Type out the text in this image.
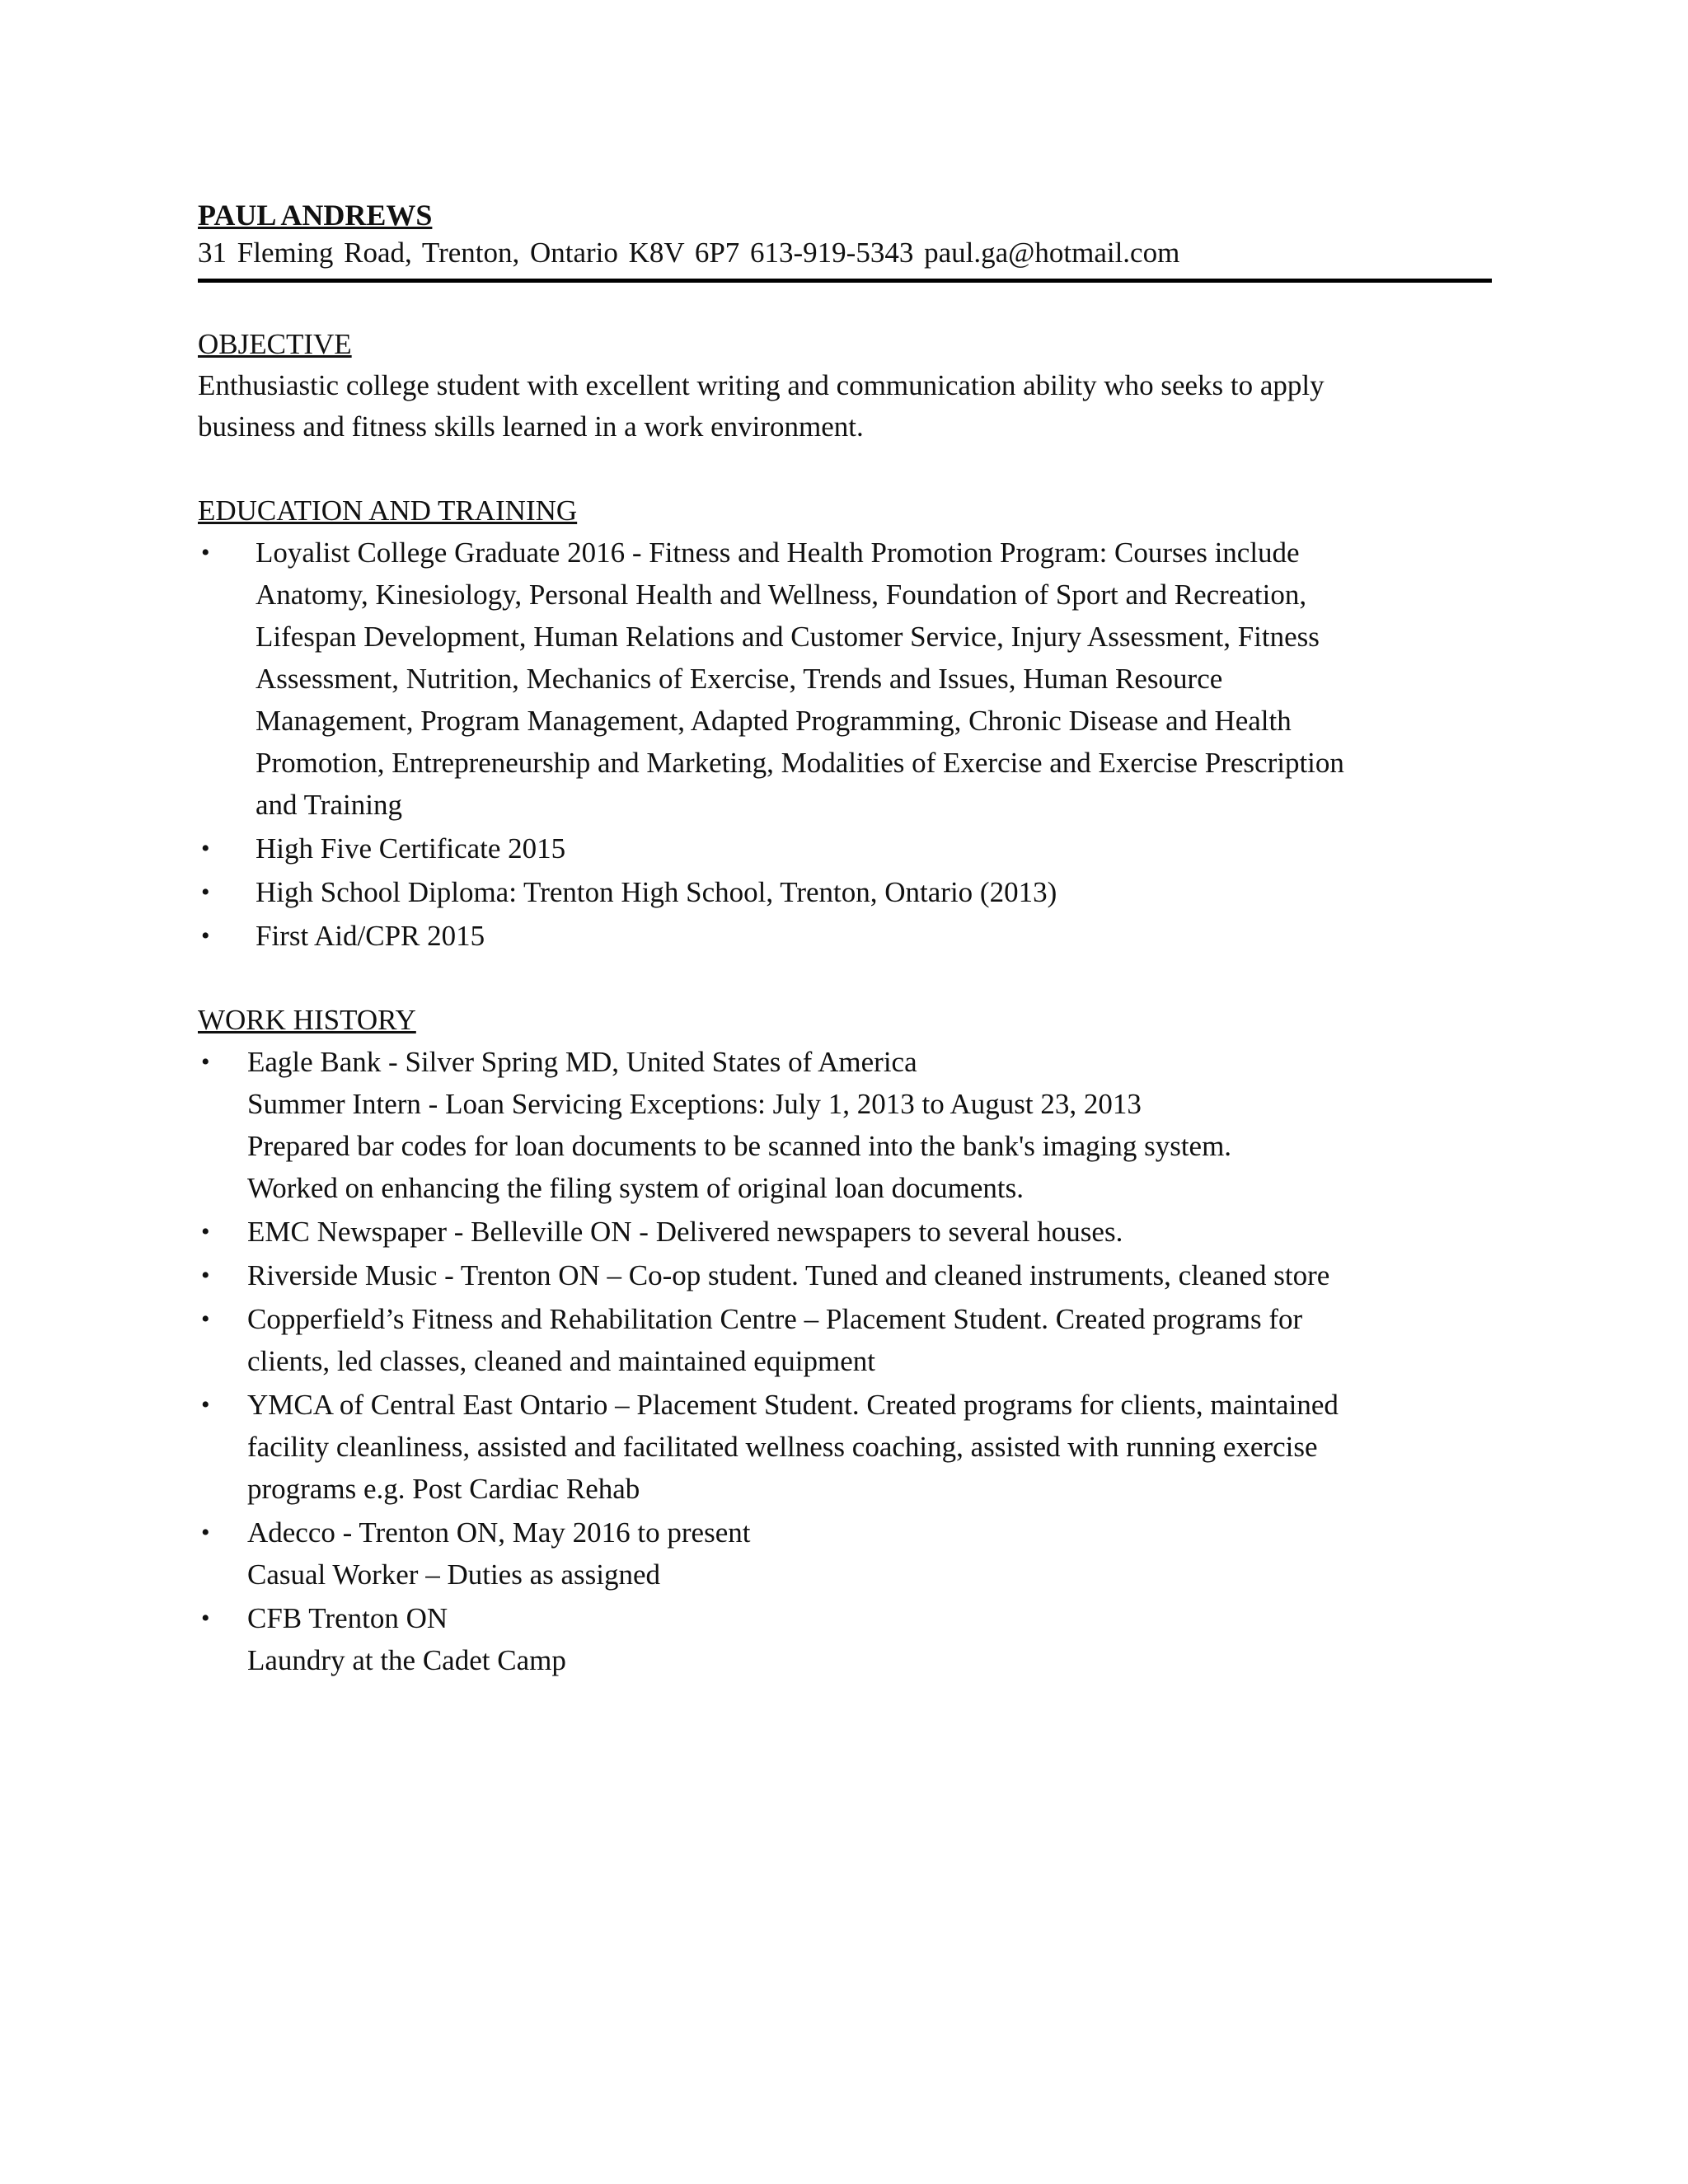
PAUL ANDREWS

31 Fleming Road, Trenton, Ontario K8V 6P7 613-919-5343 paul.ga@hotmail.com

OBJECTIVE

Enthusiastic college student with excellent writing and communication ability who seeks to apply
business and fitness skills learned in a work environment.

EDUCATION AND TRAINING

• Loyalist College Graduate 2016 - Fitness and Health Promotion Program: Courses include
Anatomy, Kinesiology, Personal Health and Wellness, Foundation of Sport and Recreation,
Lifespan Development, Human Relations and Customer Service, Injury Assessment, Fitness
Assessment, Nutrition, Mechanics of Exercise, Trends and Issues, Human Resource
Management, Program Management, Adapted Programming, Chronic Disease and Health
Promotion, Entrepreneurship and Marketing, Modalities of Exercise and Exercise Prescription
and Training
• High Five Certificate 2015
• High School Diploma: Trenton High School, Trenton, Ontario (2013)
• First Aid/CPR 2015

WORK HISTORY

• Eagle Bank - Silver Spring MD, United States of America
Summer Intern - Loan Servicing Exceptions: July 1, 2013 to August 23, 2013
Prepared bar codes for loan documents to be scanned into the bank's imaging system.
Worked on enhancing the filing system of original loan documents.
• EMC Newspaper - Belleville ON - Delivered newspapers to several houses.
• Riverside Music - Trenton ON – Co-op student. Tuned and cleaned instruments, cleaned store
• Copperfield’s Fitness and Rehabilitation Centre – Placement Student. Created programs for
clients, led classes, cleaned and maintained equipment
• YMCA of Central East Ontario – Placement Student. Created programs for clients, maintained
facility cleanliness, assisted and facilitated wellness coaching, assisted with running exercise
programs e.g. Post Cardiac Rehab
• Adecco - Trenton ON, May 2016 to present
Casual Worker – Duties as assigned
• CFB Trenton ON
Laundry at the Cadet Camp
